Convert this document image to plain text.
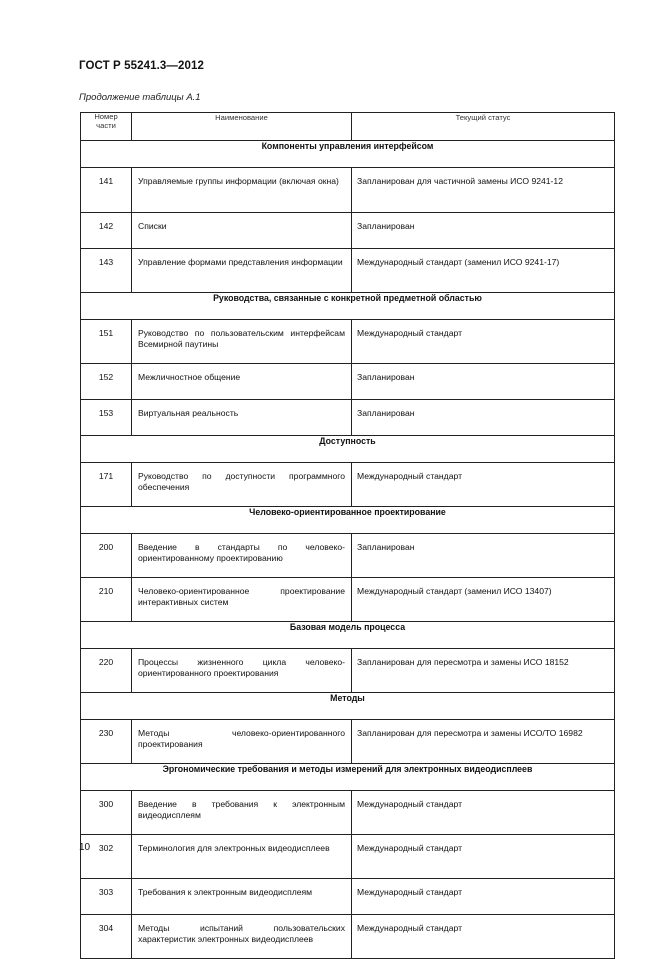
ГОСТ Р 55241.3—2012
Продолжение таблицы А.1
Номер
части	Наименование	Текущий статус
Компоненты управления интерфейсом		
141	Управляемые группы информации (включая окна)	Запланирован для частичной замены ИСО 9241-12
142	Списки	Запланирован
143	Управление формами представления информации	Международный стандарт (заменил ИСО 9241-17)
Руководства, связанные с конкретной предметной областью		
151	Руководство по пользовательским интерфейсам Всемирной паутины	Международный стандарт
152	Межличностное общение	Запланирован
153	Виртуальная реальность	Запланирован
Доступность		
171	Руководство по доступности программного обеспечения	Международный стандарт
Человеко-ориентированное проектирование		
200	Введение в стандарты по человеко-ориентированному проектированию	Запланирован
210	Человеко-ориентированное проектирование интерактивных систем	Международный стандарт (заменил ИСО 13407)
Базовая модель процесса		
220	Процессы жизненного цикла человеко-ориентированного проектирования	Запланирован для пересмотра и замены ИСО 18152
Методы		
230	Методы человеко-ориентированного проектирования	Запланирован для пересмотра и замены ИСО/ТО 16982
Эргономические требования и методы измерений для электронных видеодисплеев		
300	Введение в требования к электронным видеодисплеям	Международный стандарт
302	Терминология для электронных видеодисплеев	Международный стандарт
303	Требования к электронным видеодисплеям	Международный стандарт
304	Методы испытаний пользовательских характеристик электронных видеодисплеев	Международный стандарт
10
